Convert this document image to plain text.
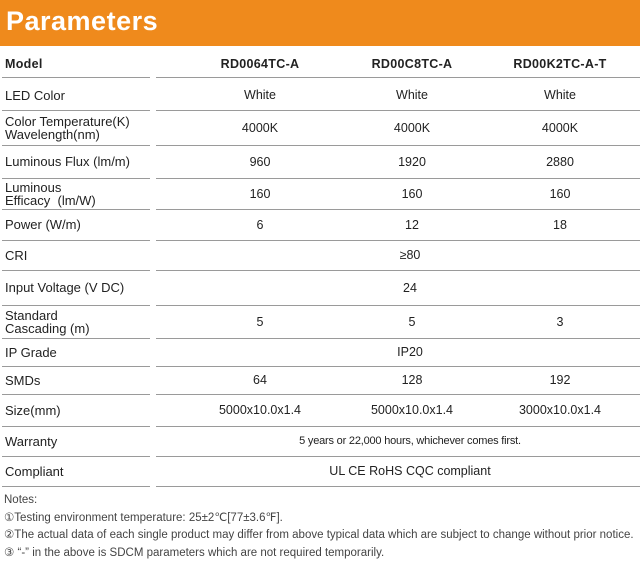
Parameters
Model	RD0064TC-A	RD00C8TC-A	RD00K2TC-A-T
LED Color	White	White	White
Color Temperature(K)
Wavelength(nm)	4000K	4000K	4000K
Luminous Flux (lm/m)	960	1920	2880
Luminous Efficacy  (lm/W)	160	160	160
Power (W/m)	6	12	18
CRI	≥80
Input Voltage (V DC)	24
Standard
Cascading (m)	5	5	3
IP Grade	IP20
SMDs	64	128	192
Size(mm)	5000x10.0x1.4	5000x10.0x1.4	3000x10.0x1.4
Warranty	5 years or 22,000 hours, whichever comes first.
Compliant	UL CE RoHS CQC compliant
Notes:
①Testing environment temperature: 25±2℃[77±3.6℉].
②The actual data of each single product may differ from above typical data which are subject to change without prior notice.
③ “-” in the above is SDCM parameters which are not required temporarily.
